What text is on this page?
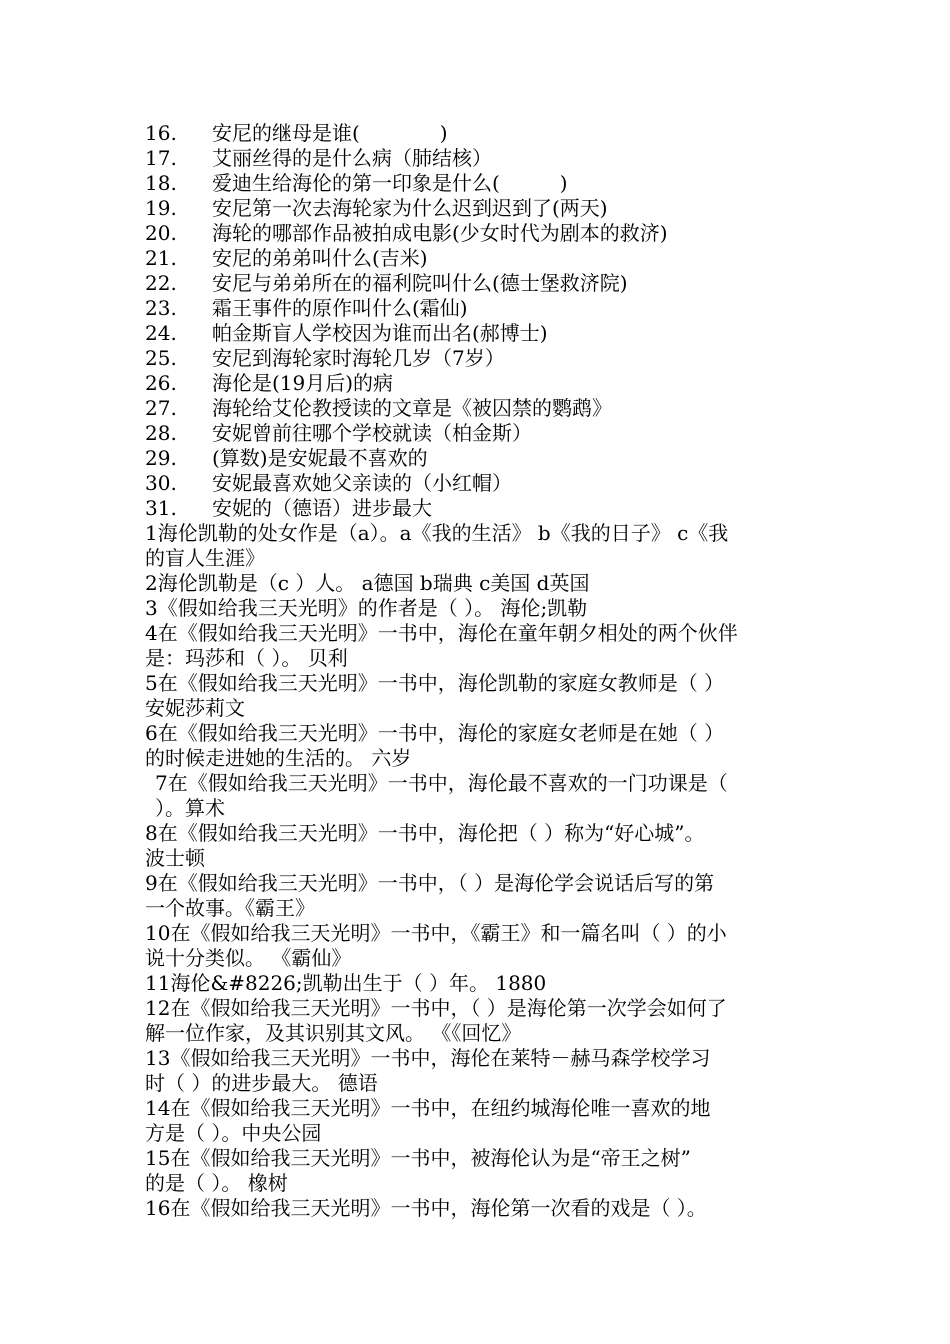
16.	安尼的继母是谁(　　　　)
17.	艾丽丝得的是什么病（肺结核）
18.	爱迪生给海伦的第一印象是什么(　　　)
19.	安尼第一次去海轮家为什么迟到迟到了(两天)
20.	海轮的哪部作品被拍成电影(少女时代为剧本的救济)
21.	安尼的弟弟叫什么(吉米)
22.	安尼与弟弟所在的福利院叫什么(德士堡救济院)
23.	霜王事件的原作叫什么(霜仙)
24.	帕金斯盲人学校因为谁而出名(郝博士)
25.	安尼到海轮家时海轮几岁（7岁）
26.	海伦是(19月后)的病
27.	海轮给艾伦教授读的文章是《被囚禁的鹦鹉》
28.	安妮曾前往哪个学校就读（柏金斯）
29.	(算数)是安妮最不喜欢的
30.	安妮最喜欢她父亲读的（小红帽）
31.	安妮的（德语）进步最大
1海伦凯勒的处女作是（a）。a《我的生活》 b《我的日子》 c《我
的盲人生涯》
2海伦凯勒是（c ）人。 a德国 b瑞典 c美国 d英国
3《假如给我三天光明》的作者是（ ）。 海伦;凯勒
4在《假如给我三天光明》一书中，海伦在童年朝夕相处的两个伙伴
是：玛莎和（ ）。 贝利
5在《假如给我三天光明》一书中，海伦凯勒的家庭女教师是（ ）
安妮莎莉文
6在《假如给我三天光明》一书中，海伦的家庭女老师是在她（ ）
的时候走进她的生活的。 六岁
7在《假如给我三天光明》一书中，海伦最不喜欢的一门功课是（
）。算术
8在《假如给我三天光明》一书中，海伦把（ ）称为“好心城”。
波士顿
9在《假如给我三天光明》一书中，（ ）是海伦学会说话后写的第
一个故事。《霸王》
10在《假如给我三天光明》一书中，《霸王》和一篇名叫（ ）的小
说十分类似。 《霸仙》
11海伦&#8226;凯勒出生于（ ）年。 1880
12在《假如给我三天光明》一书中，（ ）是海伦第一次学会如何了
解一位作家，及其识别其文风。 《《回忆》
13《假如给我三天光明》一书中，海伦在莱特－赫马森学校学习
时（ ）的进步最大。 德语
14在《假如给我三天光明》一书中，在纽约城海伦唯一喜欢的地
方是（ ）。中央公园
15在《假如给我三天光明》一书中，被海伦认为是“帝王之树”
的是（ ）。 橡树
16在《假如给我三天光明》一书中，海伦第一次看的戏是（ ）。
